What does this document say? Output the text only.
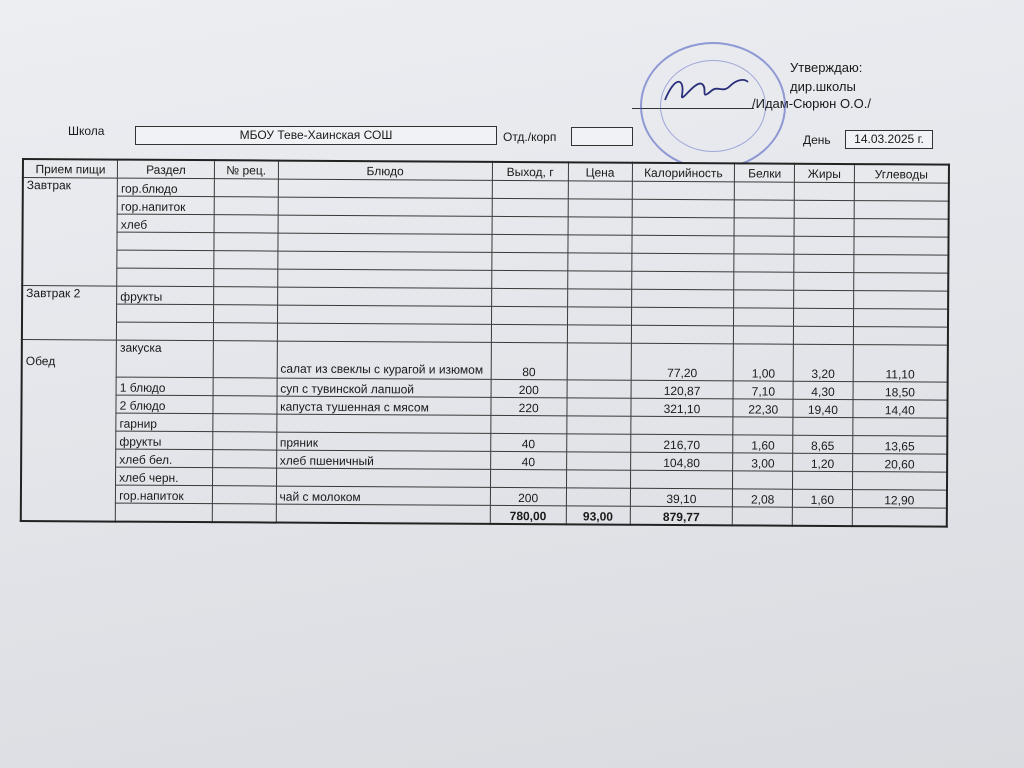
Утверждаю:
дир.школы
/Идам-Сюрюн О.О./
Школа	МБОУ Теве-Хаинская СОШ	Отд./корп	День	14.03.2025 г.
Прием пищи	Раздел	№ рец.	Блюдо	Выход, г	Цена	Калорийность	Белки	Жиры	Углеводы
Завтрак	гор.блюдо								
	гор.напиток								
	хлеб								

Завтрак 2	фрукты								

Обед	закуска		салат из свеклы с курагой и изюмом	80		77,20	1,00	3,20	11,10
	1 блюдо		суп с тувинской лапшой	200		120,87	7,10	4,30	18,50
	2 блюдо		капуста тушенная с мясом	220		321,10	22,30	19,40	14,40
	гарнир								
	фрукты		пряник	40		216,70	1,60	8,65	13,65
	хлеб бел.		хлеб пшеничный	40		104,80	3,00	1,20	20,60
	хлеб черн.								
	гор.напиток		чай с молоком	200		39,10	2,08	1,60	12,90
				780,00	93,00	879,77			
